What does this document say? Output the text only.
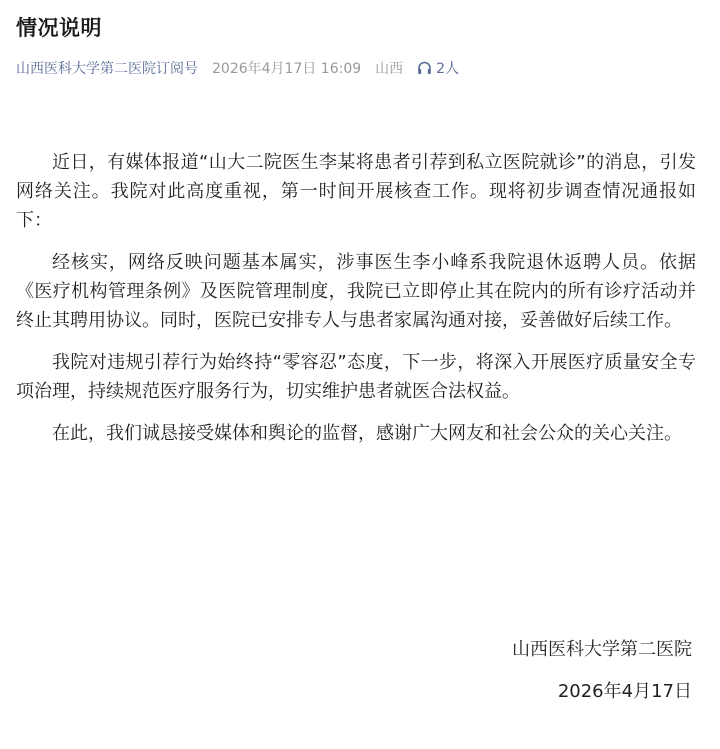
情况说明
山西医科大学第二医院订阅号 2026年4月17日 16:09 山西 2人

近日，有媒体报道“山大二院医生李某将患者引荐到私立医院就诊”的消息，引发网络关注。我院对此高度重视，第一时间开展核查工作。现将初步调查情况通报如下：

经核实，网络反映问题基本属实，涉事医生李小峰系我院退休返聘人员。依据《医疗机构管理条例》及医院管理制度，我院已立即停止其在院内的所有诊疗活动并终止其聘用协议。同时，医院已安排专人与患者家属沟通对接，妥善做好后续工作。

我院对违规引荐行为始终持“零容忍”态度，下一步，将深入开展医疗质量安全专项治理，持续规范医疗服务行为，切实维护患者就医合法权益。

在此，我们诚恳接受媒体和舆论的监督，感谢广大网友和社会公众的关心关注。

山西医科大学第二医院
2026年4月17日
